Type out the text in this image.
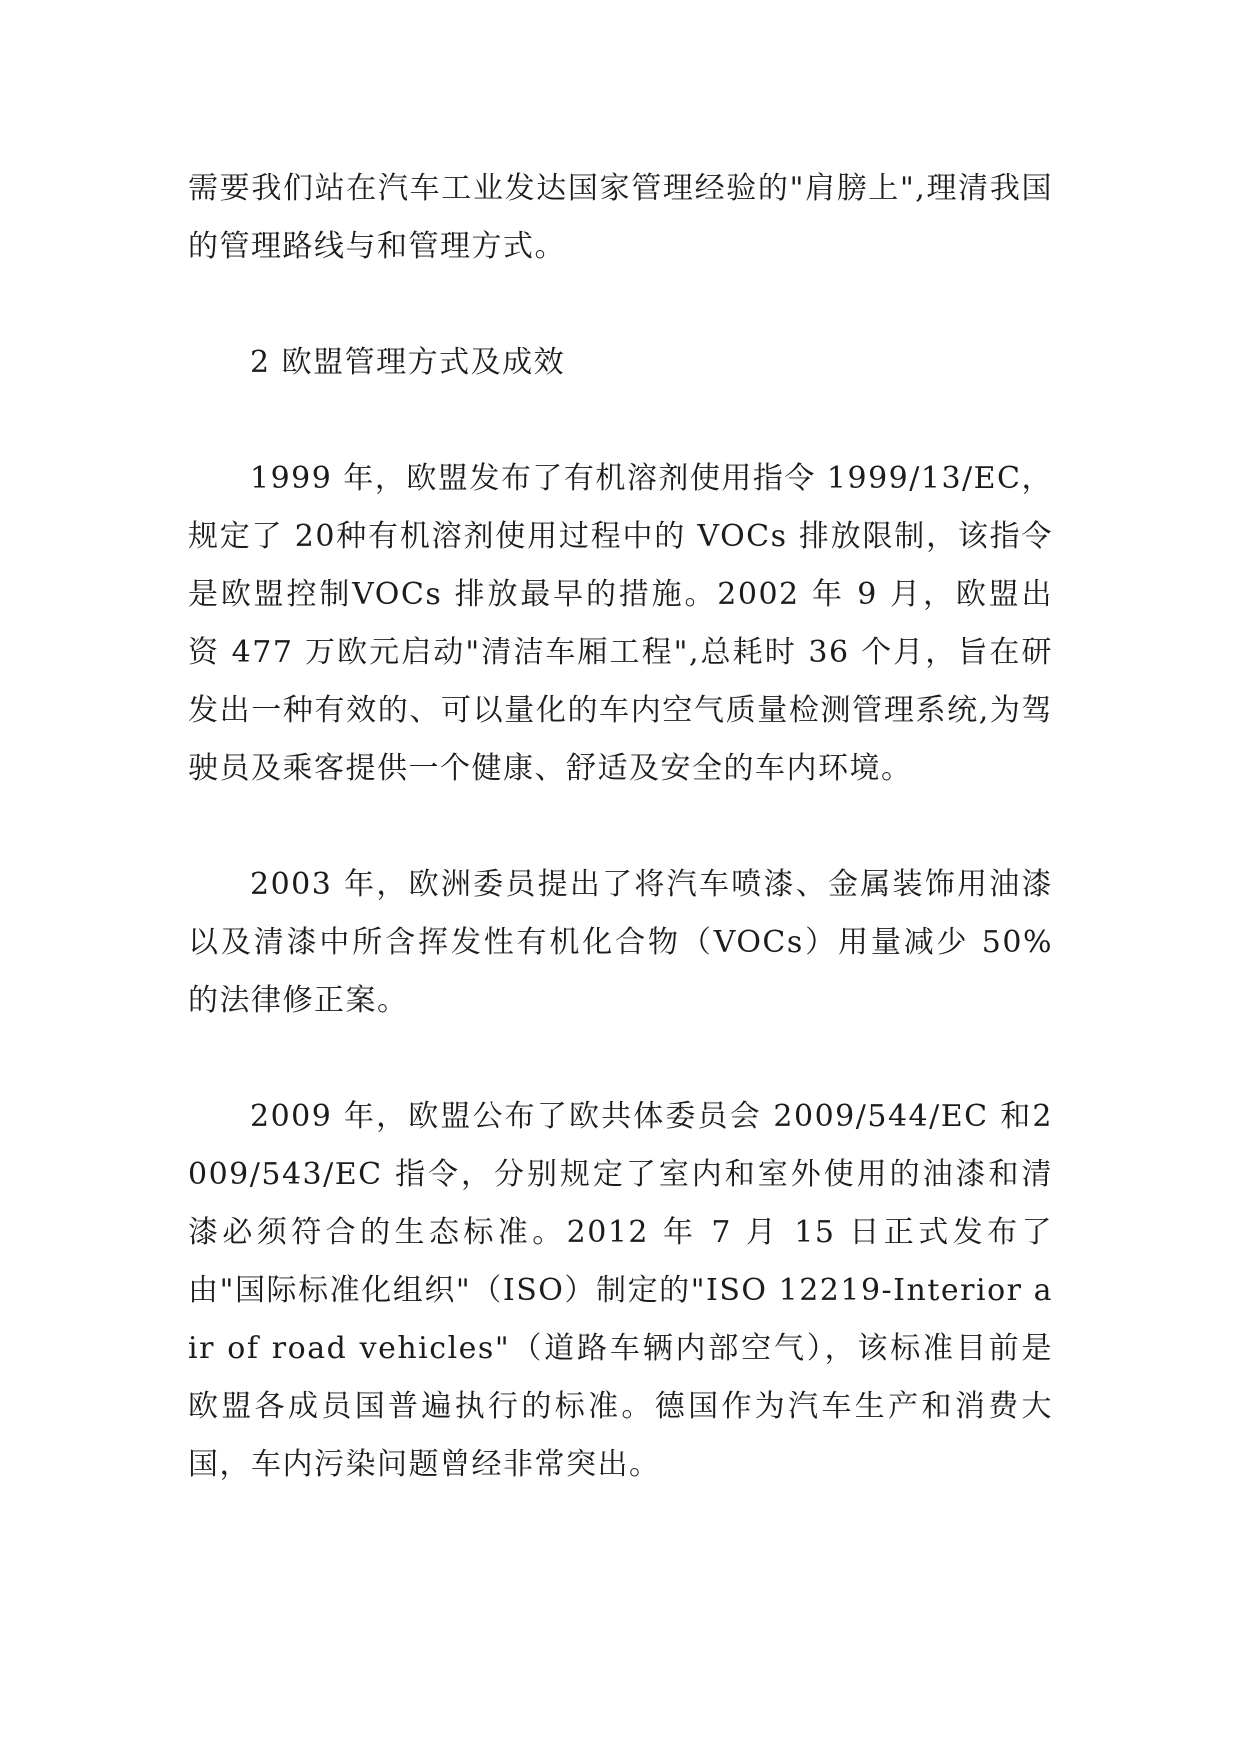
需要我们站在汽车工业发达国家管理经验的"肩膀上",理清我国的管理路线与和管理方式。

2 欧盟管理方式及成效

1999 年，欧盟发布了有机溶剂使用指令 1999/13/EC，规定了 20种有机溶剂使用过程中的 VOCs 排放限制，该指令是欧盟控制VOCs 排放最早的措施。2002 年 9 月，欧盟出资 477 万欧元启动"清洁车厢工程",总耗时 36 个月，旨在研发出一种有效的、可以量化的车内空气质量检测管理系统,为驾驶员及乘客提供一个健康、舒适及安全的车内环境。

2003 年，欧洲委员提出了将汽车喷漆、金属装饰用油漆以及清漆中所含挥发性有机化合物（VOCs）用量减少 50%的法律修正案。

2009 年，欧盟公布了欧共体委员会 2009/544/EC 和2009/543/EC 指令，分别规定了室内和室外使用的油漆和清漆必须符合的生态标准。2012 年 7 月 15 日正式发布了由"国际标准化组织"（ISO）制定的"ISO 12219-Interior air of road vehicles"（道路车辆内部空气），该标准目前是欧盟各成员国普遍执行的标准。德国作为汽车生产和消费大国，车内污染问题曾经非常突出。
